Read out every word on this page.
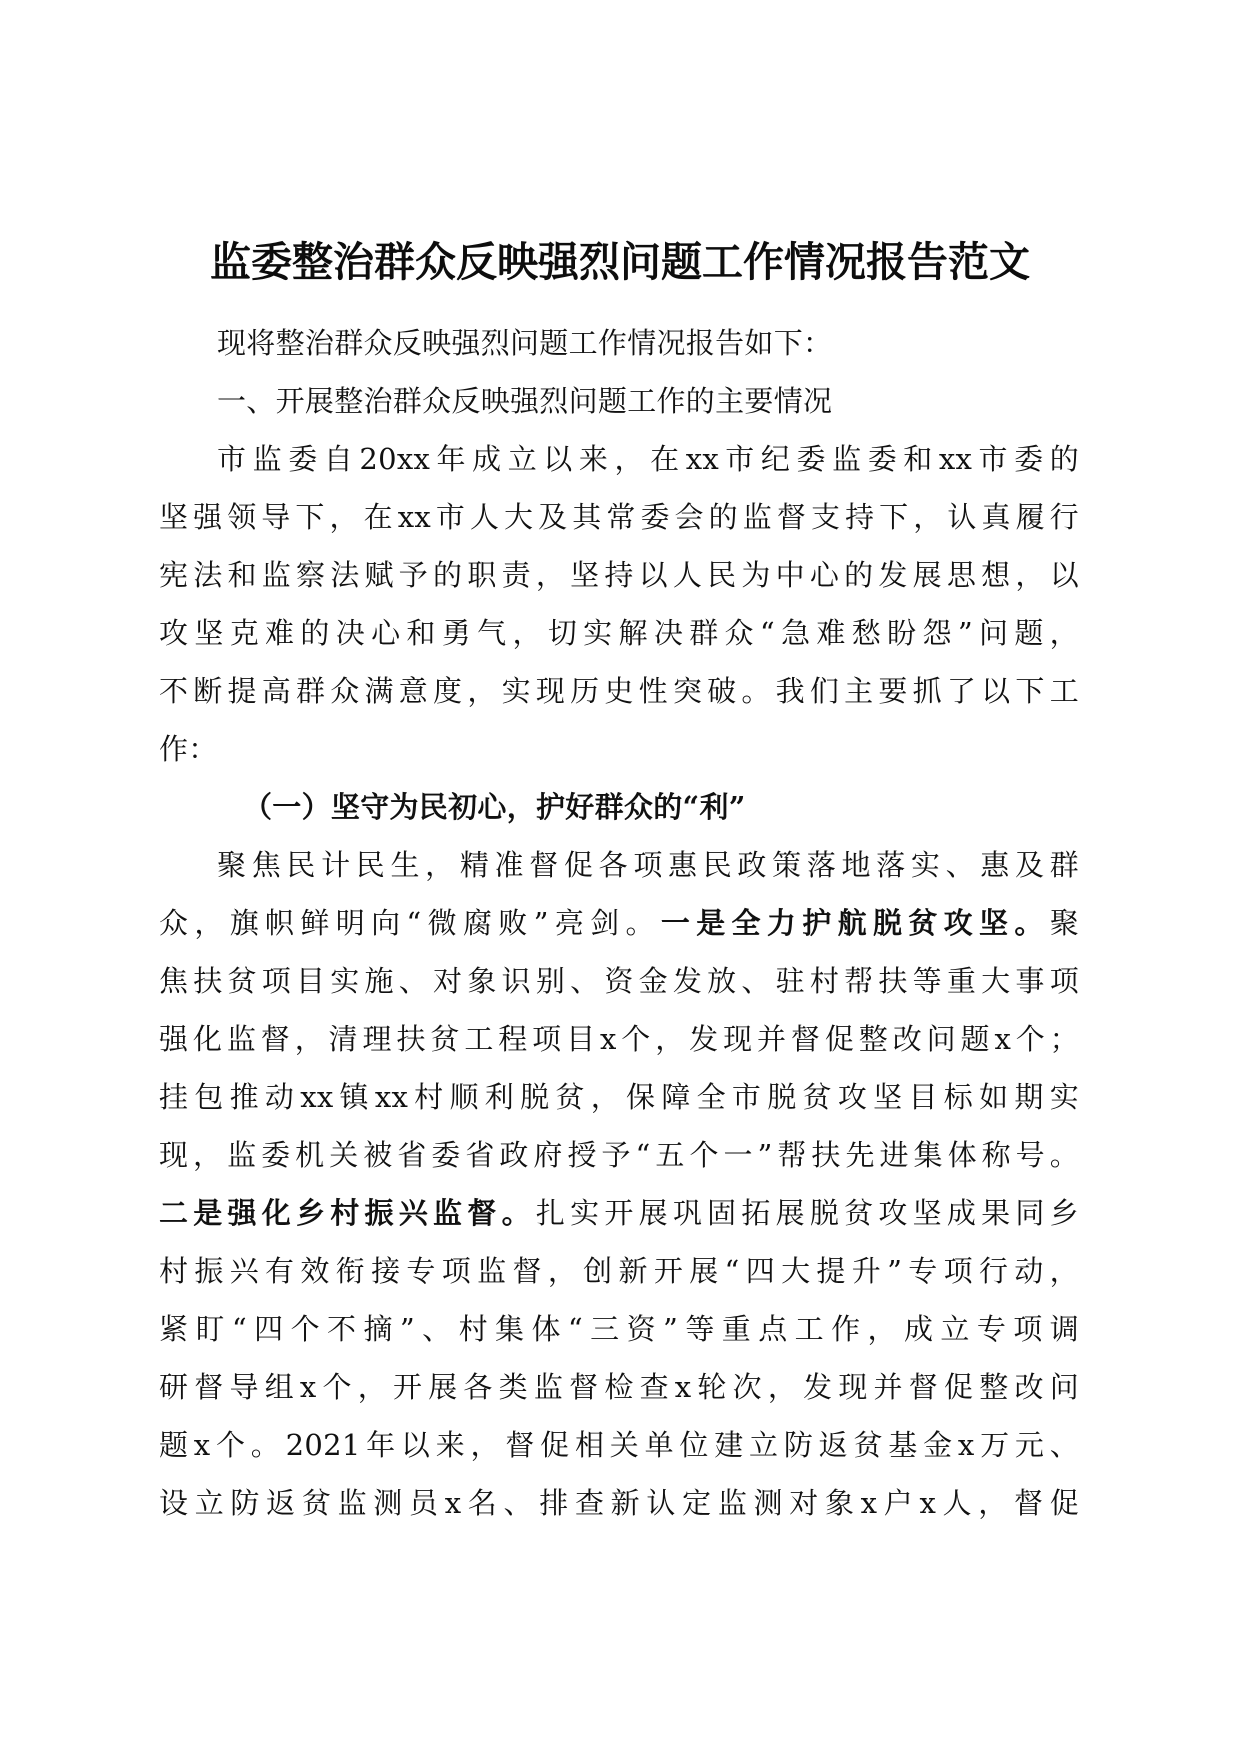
监委整治群众反映强烈问题工作情况报告范文
现将整治群众反映强烈问题工作情况报告如下：
一、开展整治群众反映强烈问题工作的主要情况
市监委自20xx年成立以来，在xx市纪委监委和xx市委的
坚强领导下，在xx市人大及其常委会的监督支持下，认真履行
宪法和监察法赋予的职责，坚持以人民为中心的发展思想，以
攻坚克难的决心和勇气，切实解决群众“急难愁盼怨”问题，
不断提高群众满意度，实现历史性突破。我们主要抓了以下工
作：
（一）坚守为民初心，护好群众的“利”
聚焦民计民生，精准督促各项惠民政策落地落实、惠及群
众，旗帜鲜明向“微腐败”亮剑。一是全力护航脱贫攻坚。聚
焦扶贫项目实施、对象识别、资金发放、驻村帮扶等重大事项
强化监督，清理扶贫工程项目x个，发现并督促整改问题x个；
挂包推动xx镇xx村顺利脱贫，保障全市脱贫攻坚目标如期实
现，监委机关被省委省政府授予“五个一”帮扶先进集体称号。
二是强化乡村振兴监督。扎实开展巩固拓展脱贫攻坚成果同乡
村振兴有效衔接专项监督，创新开展“四大提升”专项行动，
紧盯“四个不摘”、村集体“三资”等重点工作，成立专项调
研督导组x个，开展各类监督检查x轮次，发现并督促整改问
题x个。2021年以来，督促相关单位建立防返贫基金x万元、
设立防返贫监测员x名、排查新认定监测对象x户x人，督促
